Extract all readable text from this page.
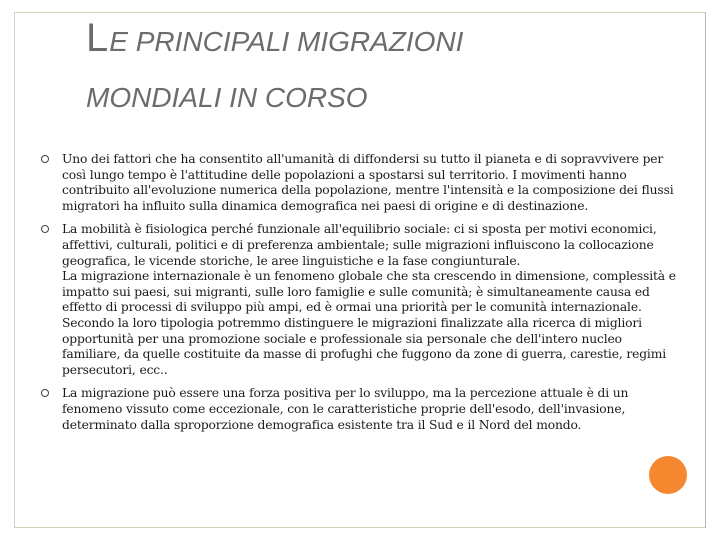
LE PRINCIPALI MIGRAZIONI
MONDIALI IN CORSO
Uno dei fattori che ha consentito all'umanità di diffondersi su tutto il pianeta e di sopravvivere per così lungo tempo è l'attitudine delle popolazioni a spostarsi sul territorio. I movimenti hanno contribuito all'evoluzione numerica della popolazione, mentre l'intensità e la composizione dei flussi migratori ha influito sulla dinamica demografica nei paesi di origine e di destinazione.
La mobilità è fisiologica perché funzionale all'equilibrio sociale: ci si sposta per motivi economici, affettivi, culturali, politici e di preferenza ambientale; sulle migrazioni influiscono la collocazione geografica, le vicende storiche, le aree linguistiche e la fase congiunturale.
La migrazione internazionale è un fenomeno globale che sta crescendo in dimensione, complessità e impatto sui paesi, sui migranti, sulle loro famiglie e sulle comunità; è simultaneamente causa ed effetto di processi di sviluppo più ampi, ed è ormai una priorità per le comunità internazionale.
Secondo la loro tipologia potremmo distinguere le migrazioni finalizzate alla ricerca di migliori opportunità per una promozione sociale e professionale sia personale che dell'intero nucleo familiare, da quelle costituite da masse di profughi che fuggono da zone di guerra, carestie, regimi persecutori, ecc..
La migrazione può essere una forza positiva per lo sviluppo, ma la percezione attuale è di un fenomeno vissuto come eccezionale, con le caratteristiche proprie dell'esodo, dell'invasione, determinato dalla sproporzione demografica esistente tra il Sud e il Nord del mondo.
